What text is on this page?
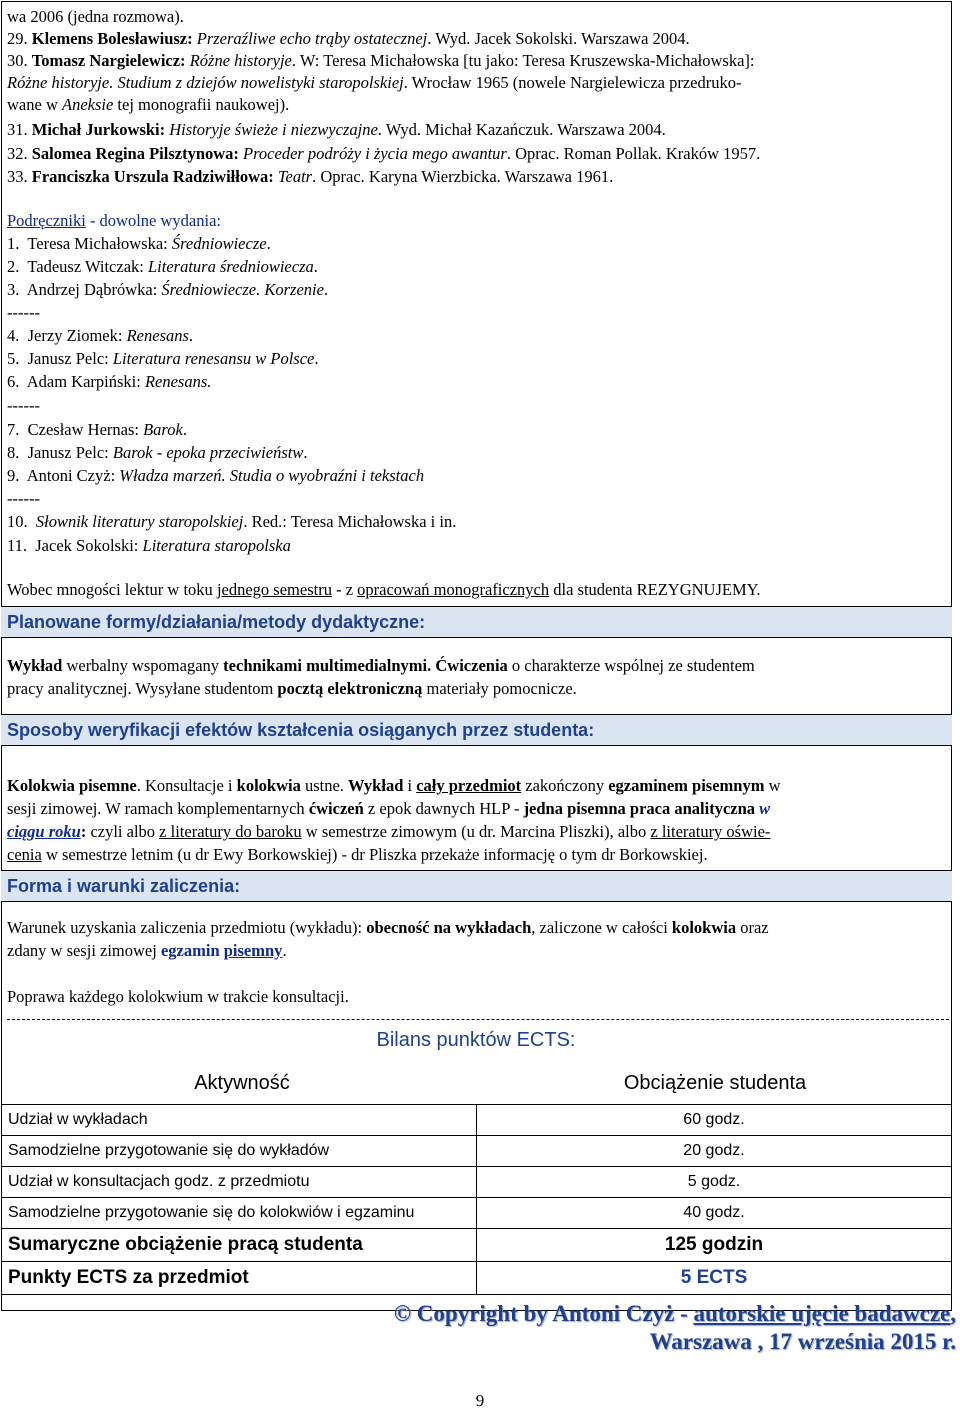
wa 2006 (jedna rozmowa).
29. Klemens Bolesławiusz: Przeraźliwe echo trąby ostatecznej. Wyd. Jacek Sokolski. Warszawa 2004.
30. Tomasz Nargielewicz: Różne historyje. W: Teresa Michałowska [tu jako: Teresa Kruszewska-Michałowska]:
Różne historyje. Studium z dziejów nowelistyki staropolskiej. Wrocław 1965 (nowele Nargielewicza przedruko-
wane w Aneksie tej monografii naukowej).
31. Michał Jurkowski: Historyje świeże i niezwyczajne. Wyd. Michał Kazańczuk. Warszawa 2004.
32. Salomea Regina Pilsztynowa: Proceder podróży i życia mego awantur. Oprac. Roman Pollak. Kraków 1957.
33. Franciszka Urszula Radziwiłłowa: Teatr. Oprac. Karyna Wierzbicka. Warszawa 1961.
Podręczniki - dowolne wydania:
1. Teresa Michałowska: Średniowiecze.
2. Tadeusz Witczak: Literatura średniowiecza.
3. Andrzej Dąbrówka: Średniowiecze. Korzenie.
------
4. Jerzy Ziomek: Renesans.
5. Janusz Pelc: Literatura renesansu w Polsce.
6. Adam Karpiński: Renesans.
------
7. Czesław Hernas: Barok.
8. Janusz Pelc: Barok - epoka przeciwieństw.
9. Antoni Czyż: Władza marzeń. Studia o wyobraźni i tekstach
------
10. Słownik literatury staropolskiej. Red.: Teresa Michałowska i in.
11. Jacek Sokolski: Literatura staropolska
Wobec mnogości lektur w toku jednego semestru - z opracowań monograficznych dla studenta REZYGNUJEMY.
Planowane formy/działania/metody dydaktyczne:
Wykład werbalny wspomagany technikami multimedialnymi. Ćwiczenia o charakterze wspólnej ze studentem
pracy analitycznej. Wysyłane studentom pocztą elektroniczną materiały pomocnicze.
Sposoby weryfikacji efektów kształcenia osiąganych przez studenta:
Kolokwia pisemne. Konsultacje i kolokwia ustne. Wykład i cały przedmiot zakończony egzaminem pisemnym w
sesji zimowej. W ramach komplementarnych ćwiczeń z epok dawnych HLP - jedna pisemna praca analityczna w
ciągu roku: czyli albo z literatury do baroku w semestrze zimowym (u dr. Marcina Pliszki), albo z literatury oświe-
cenia w semestrze letnim (u dr Ewy Borkowskiej) - dr Pliszka przekaże informację o tym dr Borkowskiej.
Forma i warunki zaliczenia:
Warunek uzyskania zaliczenia przedmiotu (wykładu): obecność na wykładach, zaliczone w całości kolokwia oraz
zdany w sesji zimowej egzamin pisemny.
Poprawa każdego kolokwium w trakcie konsultacji.
Bilans punktów ECTS:
Aktywność	Obciążenie studenta
Udział w wykładach	60 godz.
Samodzielne przygotowanie się do wykładów	20 godz.
Udział w konsultacjach godz. z przedmiotu	5 godz.
Samodzielne przygotowanie się do kolokwiów i egzaminu	40 godz.
Sumaryczne obciążenie pracą studenta	125 godzin
Punkty ECTS za przedmiot	5 ECTS
© Copyright by Antoni Czyż - autorskie ujęcie badawcze,
Warszawa , 17 września 2015 r.
9
